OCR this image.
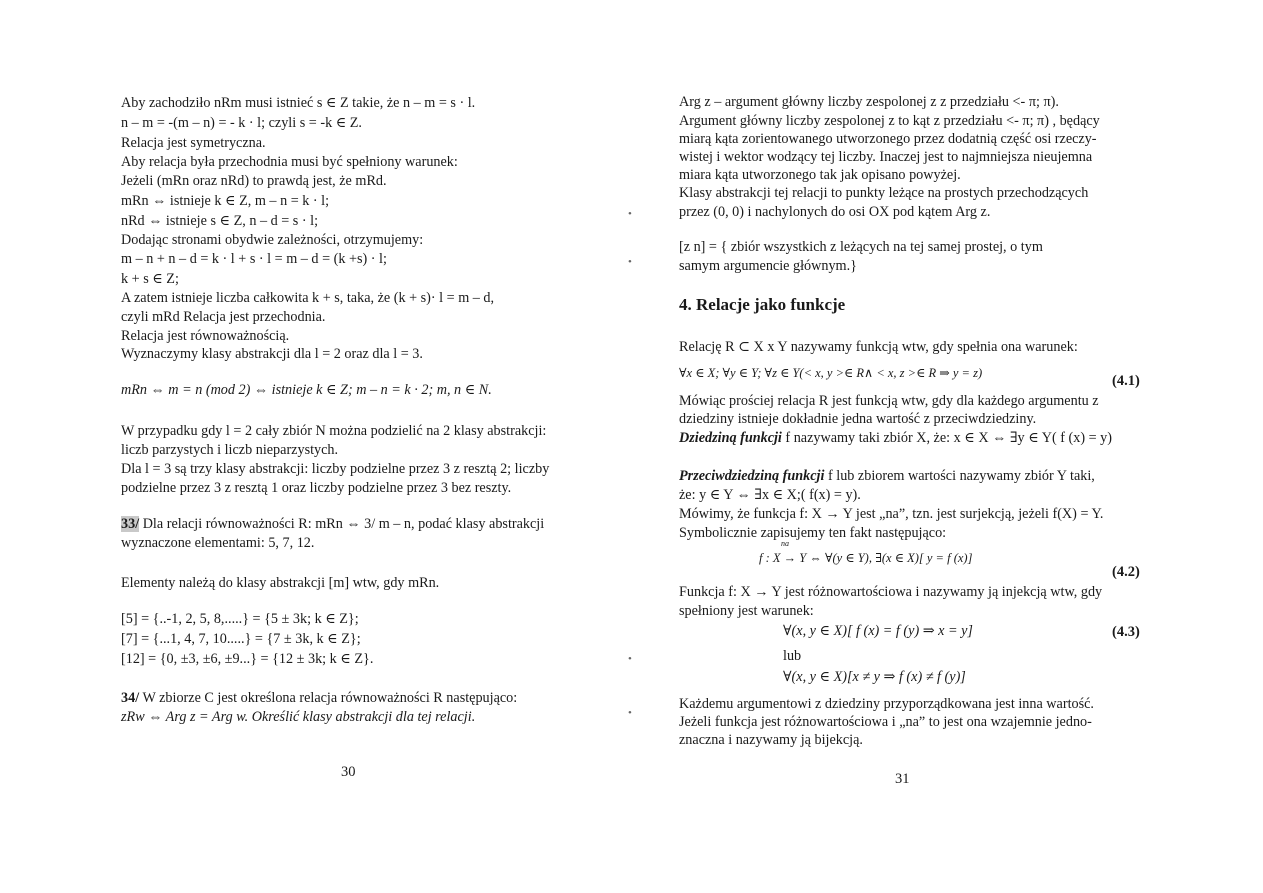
Aby zachodziło nRm musi istnieć s ∈ Z takie, że n – m = s · l.
n – m = -(m – n) = - k · l; czyli s = -k ∈ Z.
Relacja jest symetryczna.
Aby relacja była przechodnia musi być spełniony warunek:
Jeżeli (mRn oraz nRd) to prawdą jest, że mRd.
mRn ⇔ istnieje k ∈ Z, m – n = k · l;
nRd ⇔ istnieje s ∈ Z, n – d = s · l;
Dodając stronami obydwie zależności, otrzymujemy:
m – n + n – d = k · l + s · l = m – d = (k +s) · l;
k + s ∈ Z;
A zatem istnieje liczba całkowita k + s, taka, że (k + s)· l = m – d,
czyli mRd Relacja jest przechodnia.
Relacja jest równoważnością.
Wyznaczymy klasy abstrakcji dla l = 2 oraz dla l = 3.
mRn ⇔ m = n (mod 2) ⇔ istnieje k ∈ Z; m – n = k · 2; m, n ∈ N.
W przypadku gdy l = 2 cały zbiór N można podzielić na 2 klasy abstrakcji:
liczb parzystych i liczb nieparzystych.
Dla l = 3 są trzy klasy abstrakcji: liczby podzielne przez 3 z resztą 2; liczby
podzielne przez 3 z resztą 1 oraz liczby podzielne przez 3 bez reszty.
33/ Dla relacji równoważności R: mRn ⇔ 3/ m – n, podać klasy abstrakcji
wyznaczone elementami: 5, 7, 12.
Elementy należą do klasy abstrakcji [m] wtw, gdy mRn.
[5] = {..-1, 2, 5, 8,.....} = {5 ± 3k; k ∈ Z};
[7] = {...1, 4, 7, 10.....} = {7 ± 3k, k ∈ Z};
[12] = {0, ±3, ±6, ±9...} = {12 ± 3k; k ∈ Z}.
34/ W zbiorze C jest określona relacja równoważności R następująco:
zRw ⇔ Arg z = Arg w. Określić klasy abstrakcji dla tej relacji.
30
•
•
•
•
Arg z – argument główny liczby zespolonej z z przedziału <- π; π).
Argument główny liczby zespolonej z to kąt z przedziału <- π; π) , będący
miarą kąta zorientowanego utworzonego przez dodatnią część osi rzeczy-
wistej i wektor wodzący tej liczby. Inaczej jest to najmniejsza nieujemna
miara kąta utworzonego tak jak opisano powyżej.
Klasy abstrakcji tej relacji to punkty leżące na prostych przechodzących
przez (0, 0) i nachylonych do osi OX pod kątem Arg z.
[z n] = { zbiór wszystkich z leżących na tej samej prostej, o tym
samym argumencie głównym.}
4. Relacje jako funkcje
Relację R ⊂ X x Y nazywamy funkcją wtw, gdy spełnia ona warunek:
∀x ∈ X; ∀y ∈ Y; ∀z ∈ Y(< x, y >∈ R∧ < x, z >∈ R ⇒ y = z)	(4.1)
Mówiąc prościej relacja R jest funkcją wtw, gdy dla każdego argumentu z
dziedziny istnieje dokładnie jedna wartość z przeciwdziedziny.
Dziedziną funkcji f nazywamy taki zbiór X, że: x ∈ X ⇔ ∃y ∈ Y( f (x) = y)
Przeciwdziedziną funkcji f lub zbiorem wartości nazywamy zbiór Y taki,
że: y ∈ Y ⇔ ∃x ∈ X;( f(x) = y).
Mówimy, że funkcja f: X → Y jest „na”, tzn. jest surjekcją, jeżeli f(X) = Y.
Symbolicznie zapisujemy ten fakt następująco:
na
f : X → Y ⇔ ∀(y ∈ Y), ∃(x ∈ X)[ y = f (x)]
(4.2)
Funkcja f: X → Y jest różnowartościowa i nazywamy ją injekcją wtw, gdy
spełniony jest warunek:
∀(x, y ∈ X)[ f (x) = f (y) ⇒ x = y]	(4.3)
lub
∀(x, y ∈ X)[x ≠ y ⇒ f (x) ≠ f (y)]
Każdemu argumentowi z dziedziny przyporządkowana jest inna wartość.
Jeżeli funkcja jest różnowartościowa i „na” to jest ona wzajemnie jedno-
znaczna i nazywamy ją bijekcją.
31
